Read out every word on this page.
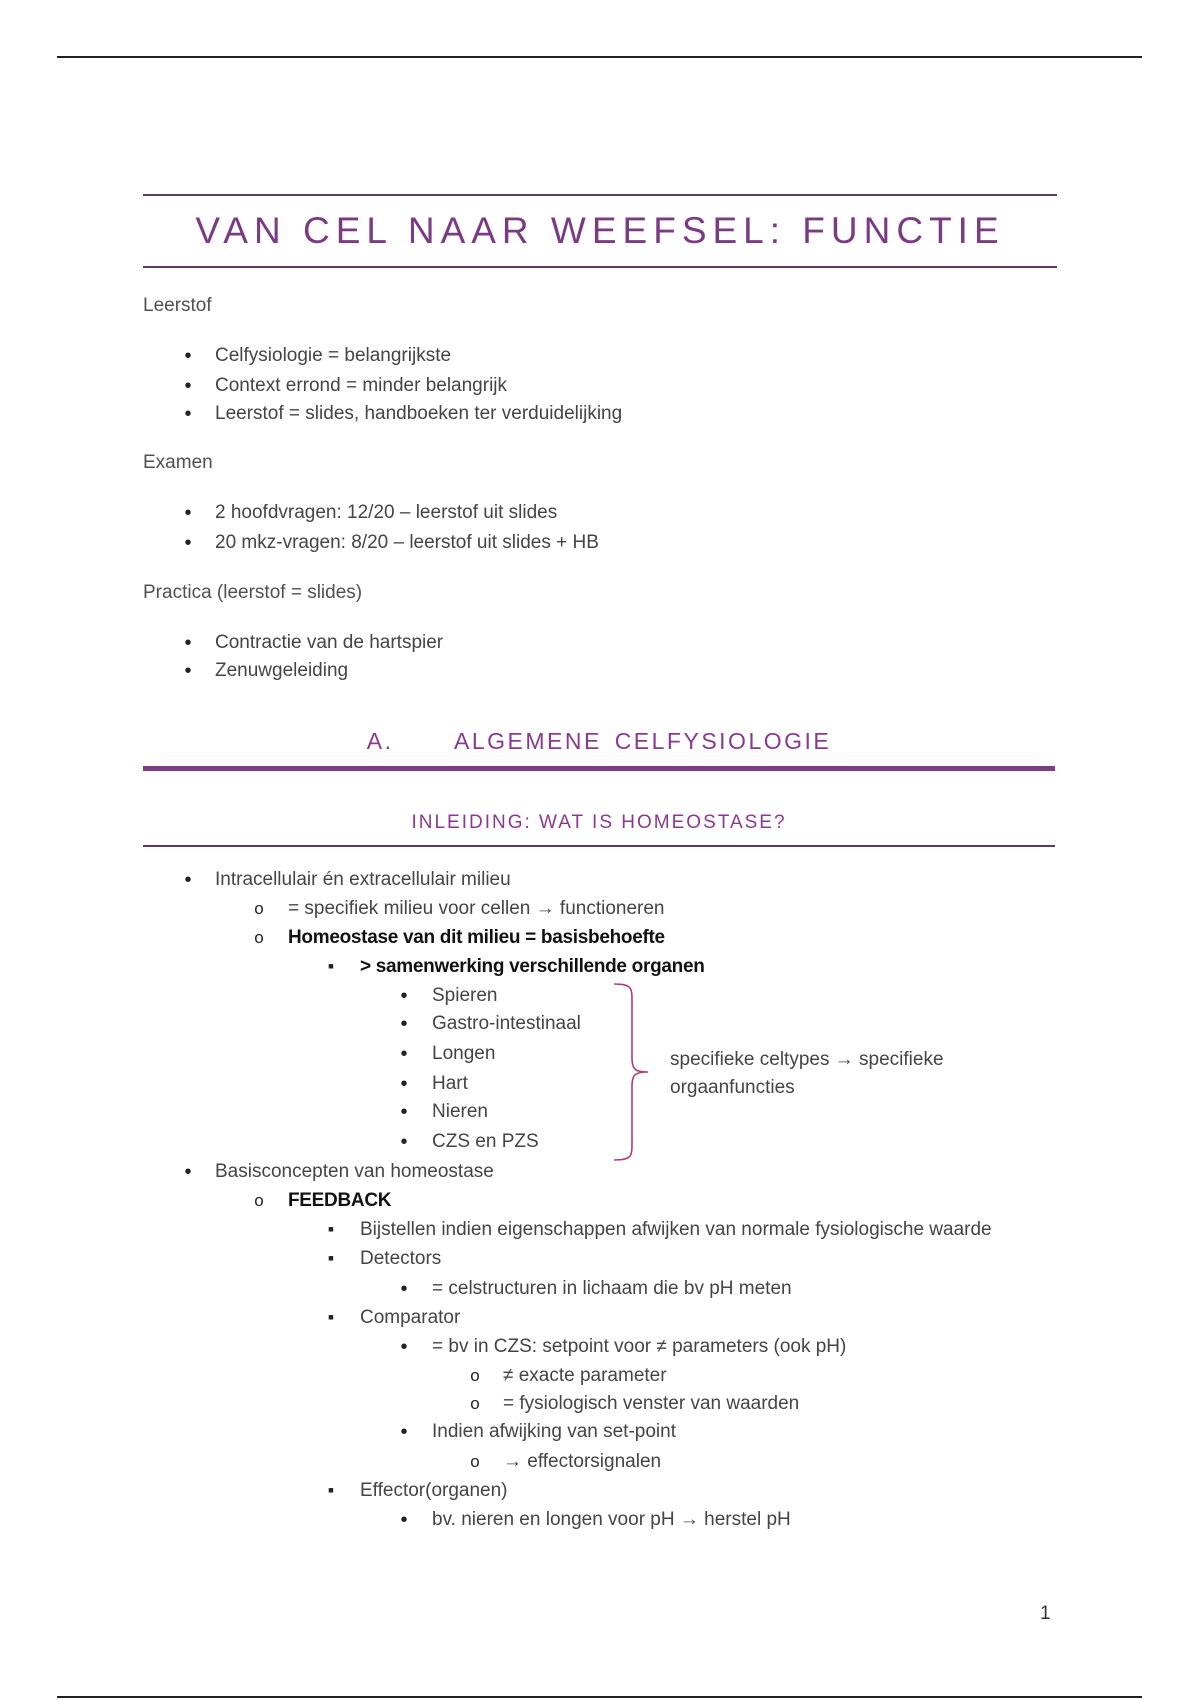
VAN CEL NAAR WEEFSEL: FUNCTIE
Leerstof
•
Celfysiologie = belangrijkste
•
Context errond = minder belangrijk
•
Leerstof = slides, handboeken ter verduidelijking
Examen
•
2 hoofdvragen: 12/20 – leerstof uit slides
•
20 mkz-vragen: 8/20 – leerstof uit slides + HB
Practica (leerstof = slides)
•
Contractie van de hartspier
•
Zenuwgeleiding
A.	ALGEMENE CELFYSIOLOGIE
INLEIDING: WAT IS HOMEOSTASE?
•
Intracellulair én extracellulair milieu
o
= specifiek milieu voor cellen → functioneren
o
Homeostase van dit milieu = basisbehoefte
▪
> samenwerking verschillende organen
•
Spieren
•
Gastro-intestinaal
•
Longen
•
Hart
•
Nieren
•
CZS en PZS
specifieke celtypes → specifieke
orgaanfuncties
•
Basisconcepten van homeostase
o
FEEDBACK
▪
Bijstellen indien eigenschappen afwijken van normale fysiologische waarde
▪
Detectors
•
= celstructuren in lichaam die bv pH meten
▪
Comparator
•
= bv in CZS: setpoint voor ≠ parameters (ook pH)
o
≠ exacte parameter
o
= fysiologisch venster van waarden
•
Indien afwijking van set-point
o
→ effectorsignalen
▪
Effector(organen)
•
bv. nieren en longen voor pH → herstel pH
1
